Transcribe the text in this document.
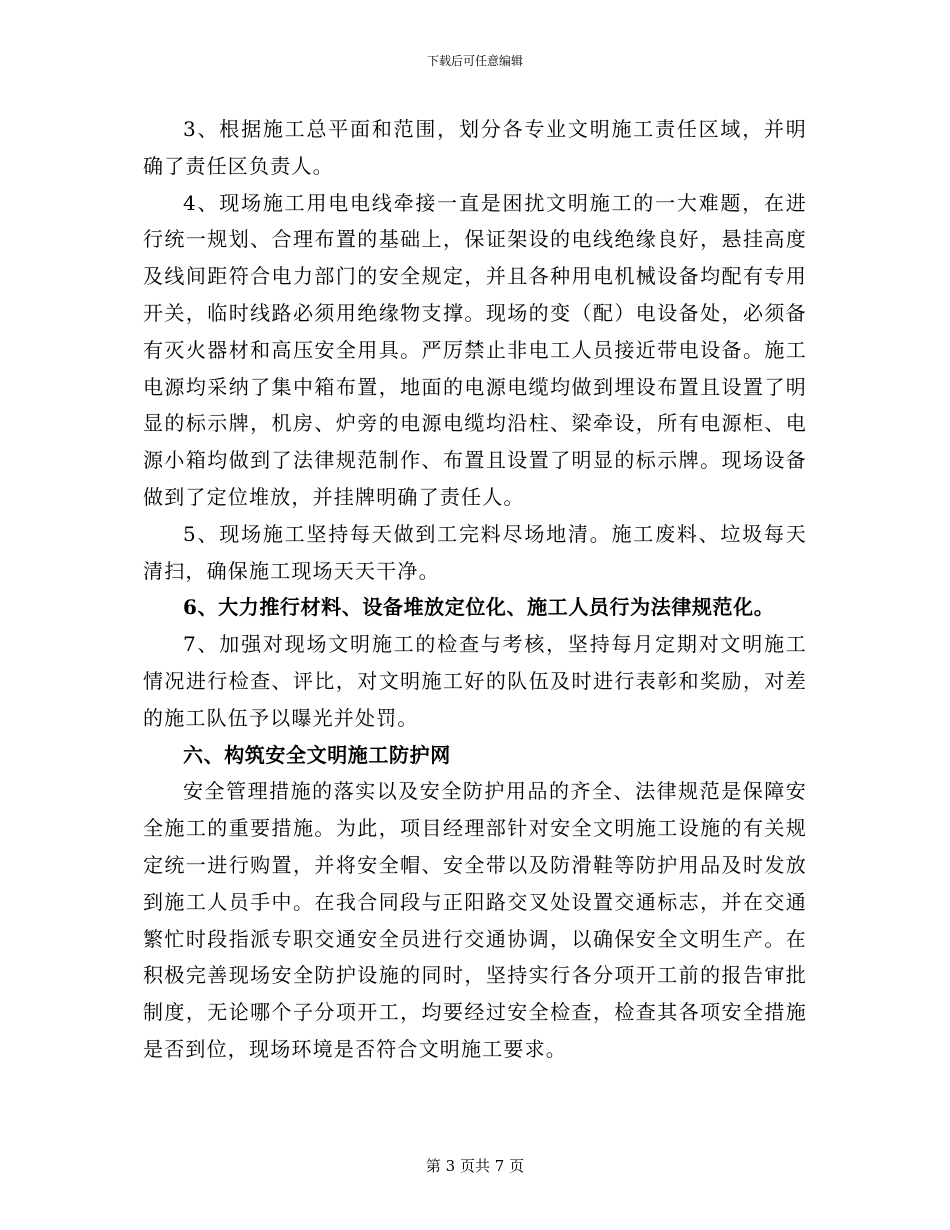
下载后可任意编辑

3、根据施工总平面和范围，划分各专业文明施工责任区域，并明确了责任区负责人。

4、现场施工用电电线牵接一直是困扰文明施工的一大难题，在进行统一规划、合理布置的基础上，保证架设的电线绝缘良好，悬挂高度及线间距符合电力部门的安全规定，并且各种用电机械设备均配有专用开关，临时线路必须用绝缘物支撑。现场的变（配）电设备处，必须备有灭火器材和高压安全用具。严厉禁止非电工人员接近带电设备。施工电源均采纳了集中箱布置，地面的电源电缆均做到埋设布置且设置了明显的标示牌，机房、炉旁的电源电缆均沿柱、梁牵设，所有电源柜、电源小箱均做到了法律规范制作、布置且设置了明显的标示牌。现场设备做到了定位堆放，并挂牌明确了责任人。

5、现场施工坚持每天做到工完料尽场地清。施工废料、垃圾每天清扫，确保施工现场天天干净。

6、大力推行材料、设备堆放定位化、施工人员行为法律规范化。

7、加强对现场文明施工的检查与考核，坚持每月定期对文明施工情况进行检查、评比，对文明施工好的队伍及时进行表彰和奖励，对差的施工队伍予以曝光并处罚。

六、构筑安全文明施工防护网

安全管理措施的落实以及安全防护用品的齐全、法律规范是保障安全施工的重要措施。为此，项目经理部针对安全文明施工设施的有关规定统一进行购置，并将安全帽、安全带以及防滑鞋等防护用品及时发放到施工人员手中。在我合同段与正阳路交叉处设置交通标志，并在交通繁忙时段指派专职交通安全员进行交通协调，以确保安全文明生产。在积极完善现场安全防护设施的同时，坚持实行各分项开工前的报告审批制度，无论哪个子分项开工，均要经过安全检查，检查其各项安全措施是否到位，现场环境是否符合文明施工要求。

第 3 页共 7 页
